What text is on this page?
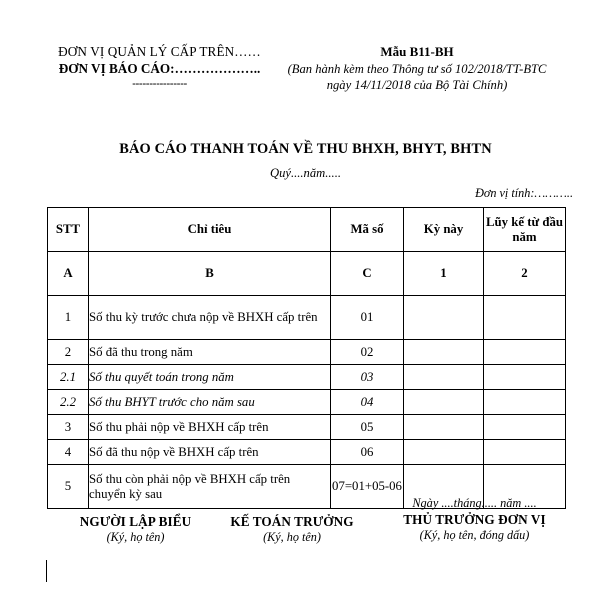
ĐƠN VỊ QUẢN LÝ CẤP TRÊN……
ĐƠN VỊ BÁO CÁO:………………..
----------------
Mẫu B11-BH
(Ban hành kèm theo Thông tư số 102/2018/TT-BTC
ngày 14/11/2018 của Bộ Tài Chính)
BÁO CÁO THANH TOÁN VỀ THU BHXH, BHYT, BHTN
Quý....năm.....
Đơn vị tính:………..
STT	Chỉ tiêu	Mã số	Kỳ này	Lũy kế từ đầu năm
A	B	C	1	2
1	Số thu kỳ trước chưa nộp về BHXH cấp trên	01		
2	Số đã thu trong năm	02		
2.1	Số thu quyết toán trong năm	03		
2.2	Số thu BHYT trước cho năm sau	04		
3	Số thu phải nộp về BHXH cấp trên	05		
4	Số đã thu nộp về BHXH cấp trên	06		
5	Số thu còn phải nộp về BHXH cấp trên chuyển kỳ sau	07=01+05-06		
NGƯỜI LẬP BIỂU
(Ký, họ tên)
KẾ TOÁN TRƯỞNG
(Ký, họ tên)
Ngày ....tháng..... năm ....
THỦ TRƯỞNG ĐƠN VỊ
(Ký, họ tên, đóng dấu)
